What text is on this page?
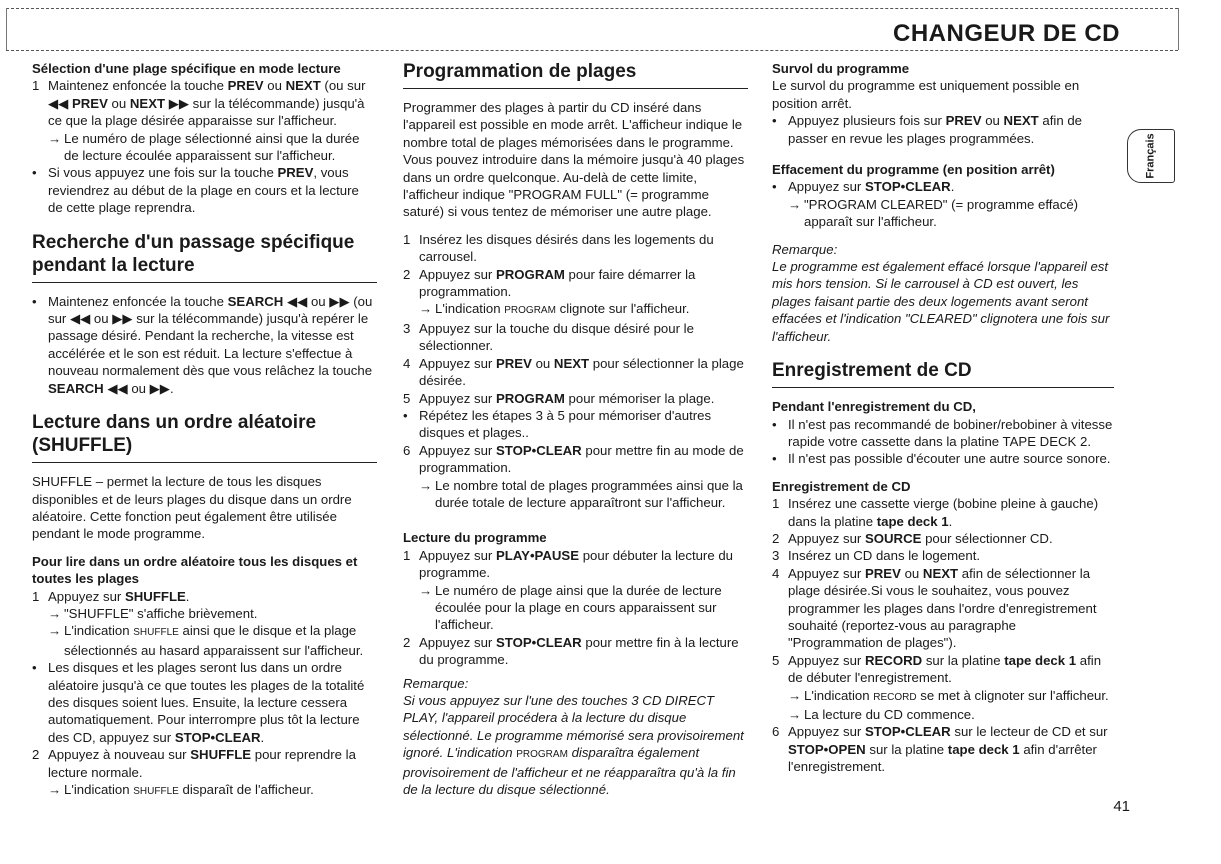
CHANGEUR DE CD
Français

Sélection d'une plage spécifique en mode lecture

1 Maintenez enfoncée la touche PREV ou NEXT (ou sur ◀◀ PREV ou NEXT ▶▶ sur la télécommande) jusqu'à ce que la plage désirée apparaisse sur l'afficheur.

→ Le numéro de plage sélectionné ainsi que la durée de lecture écoulée apparaissent sur l'afficheur.

• Si vous appuyez une fois sur la touche PREV, vous reviendrez au début de la plage en cours et la lecture de cette plage reprendra.

Recherche d'un passage spécifique pendant la lecture

• Maintenez enfoncée la touche SEARCH ◀◀ ou ▶▶ (ou sur ◀◀ ou ▶▶ sur la télécommande) jusqu'à repérer le passage désiré. Pendant la recherche, la vitesse est accélérée et le son est réduit. La lecture s'effectue à nouveau normalement dès que vous relâchez la touche SEARCH ◀◀ ou ▶▶.

Lecture dans un ordre aléatoire (SHUFFLE)

SHUFFLE – permet la lecture de tous les disques disponibles et de leurs plages du disque dans un ordre aléatoire. Cette fonction peut également être utilisée pendant le mode programme.

Pour lire dans un ordre aléatoire tous les disques et toutes les plages

1 Appuyez sur SHUFFLE.

→ "SHUFFLE" s'affiche brièvement.

→ L'indication SHUFFLE ainsi que le disque et la plage sélectionnés au hasard apparaissent sur l'afficheur.

• Les disques et les plages seront lus dans un ordre aléatoire jusqu'à ce que toutes les plages de la totalité des disques soient lues. Ensuite, la lecture cessera automatiquement. Pour interrompre plus tôt la lecture des CD, appuyez sur STOP•CLEAR.

2 Appuyez à nouveau sur SHUFFLE pour reprendre la lecture normale.

→ L'indication SHUFFLE disparaît de l'afficheur.

Programmation de plages

Programmer des plages à partir du CD inséré dans l'appareil est possible en mode arrêt. L'afficheur indique le nombre total de plages mémorisées dans le programme. Vous pouvez introduire dans la mémoire jusqu'à 40 plages dans un ordre quelconque. Au-delà de cette limite, l'afficheur indique "PROGRAM FULL" (= programme saturé) si vous tentez de mémoriser une autre plage.

1 Insérez les disques désirés dans les logements du carrousel.

2 Appuyez sur PROGRAM pour faire démarrer la programmation.

→ L'indication PROGRAM clignote sur l'afficheur.

3 Appuyez sur la touche du disque désiré pour le sélectionner.

4 Appuyez sur PREV ou NEXT pour sélectionner la plage désirée.

5 Appuyez sur PROGRAM pour mémoriser la plage.

• Répétez les étapes 3 à 5 pour mémoriser d'autres disques et plages..

6 Appuyez sur STOP•CLEAR pour mettre fin au mode de programmation.

→ Le nombre total de plages programmées ainsi que la durée totale de lecture apparaîtront sur l'afficheur.

Lecture du programme

1 Appuyez sur PLAY•PAUSE pour débuter la lecture du programme.

→ Le numéro de plage ainsi que la durée de lecture écoulée pour la plage en cours apparaissent sur l'afficheur.

2 Appuyez sur STOP•CLEAR pour mettre fin à la lecture du programme.

Remarque:

Si vous appuyez sur l'une des touches 3 CD DIRECT PLAY, l'appareil procédera à la lecture du disque sélectionné. Le programme mémorisé sera provisoirement ignoré. L'indication PROGRAM disparaîtra également provisoirement de l'afficheur et ne réapparaîtra qu'à la fin de la lecture du disque sélectionné.

Survol du programme

Le survol du programme est uniquement possible en position arrêt.

• Appuyez plusieurs fois sur PREV ou NEXT afin de passer en revue les plages programmées.

Effacement du programme (en position arrêt)

• Appuyez sur STOP•CLEAR.

→ "PROGRAM CLEARED" (= programme effacé) apparaît sur l'afficheur.

Remarque:

Le programme est également effacé lorsque l'appareil est mis hors tension. Si le carrousel à CD est ouvert, les plages faisant partie des deux logements avant seront effacées et l'indication "CLEARED" clignotera une fois sur l'afficheur.

Enregistrement de CD

Pendant l'enregistrement du CD,

• Il n'est pas recommandé de bobiner/rebobiner à vitesse rapide votre cassette dans la platine TAPE DECK 2.

• Il n'est pas possible d'écouter une autre source sonore.

Enregistrement de CD

1 Insérez une cassette vierge (bobine pleine à gauche) dans la platine tape deck 1.

2 Appuyez sur SOURCE pour sélectionner CD.

3 Insérez un CD dans le logement.

4 Appuyez sur PREV ou NEXT afin de sélectionner la plage désirée.Si vous le souhaitez, vous pouvez programmer les plages dans l'ordre d'enregistrement souhaité (reportez-vous au paragraphe "Programmation de plages").

5 Appuyez sur RECORD sur la platine tape deck 1 afin de débuter l'enregistrement.

→ L'indication RECORD se met à clignoter sur l'afficheur.

→ La lecture du CD commence.

6 Appuyez sur STOP•CLEAR sur le lecteur de CD et sur STOP•OPEN sur la platine tape deck 1 afin d'arrêter l'enregistrement.

41
